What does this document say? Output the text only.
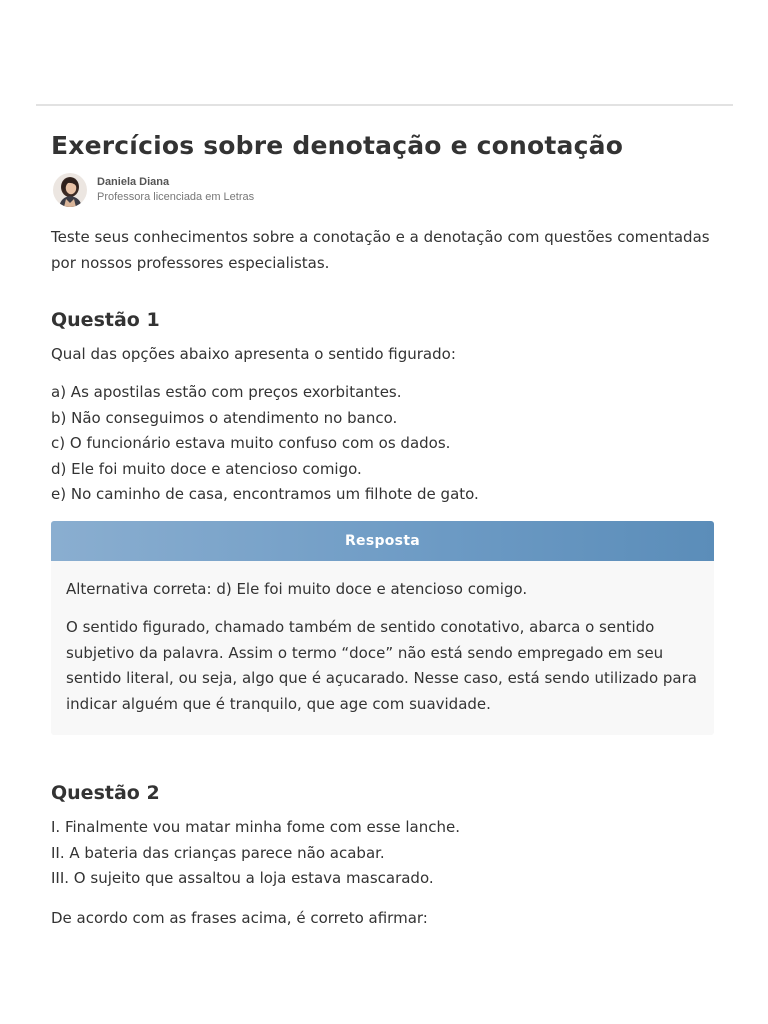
Exercícios sobre denotação e conotação
Daniela Diana
Professora licenciada em Letras

Teste seus conhecimentos sobre a conotação e a denotação com questões comentadas por nossos professores especialistas.

Questão 1

Qual das opções abaixo apresenta o sentido figurado:

a) As apostilas estão com preços exorbitantes.
b) Não conseguimos o atendimento no banco.
c) O funcionário estava muito confuso com os dados.
d) Ele foi muito doce e atencioso comigo.
e) No caminho de casa, encontramos um filhote de gato.
Resposta

Alternativa correta: d) Ele foi muito doce e atencioso comigo.

O sentido figurado, chamado também de sentido conotativo, abarca o sentido subjetivo da palavra. Assim o termo “doce” não está sendo empregado em seu sentido literal, ou seja, algo que é açucarado. Nesse caso, está sendo utilizado para indicar alguém que é tranquilo, que age com suavidade.

Questão 2
I. Finalmente vou matar minha fome com esse lanche.
II. A bateria das crianças parece não acabar.
III. O sujeito que assaltou a loja estava mascarado.

De acordo com as frases acima, é correto afirmar:
